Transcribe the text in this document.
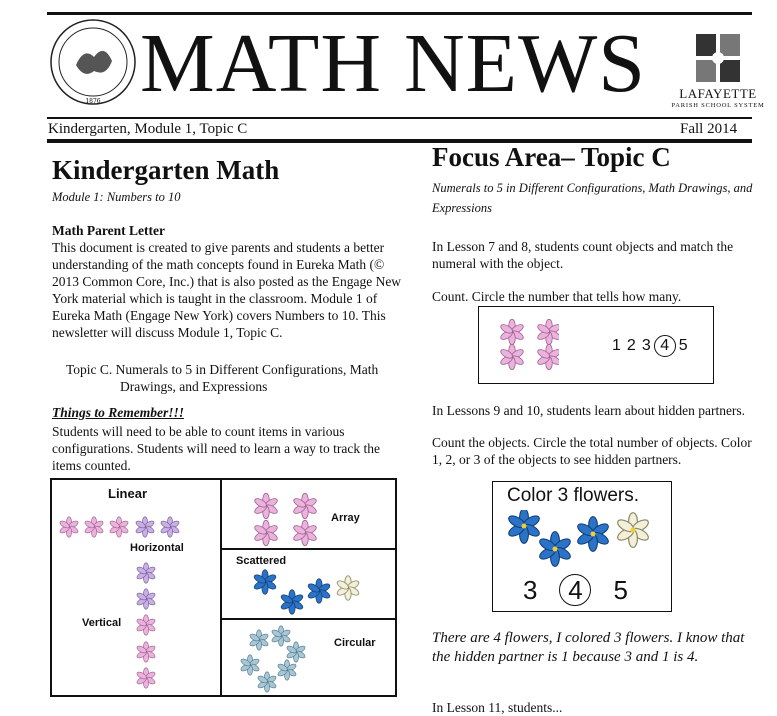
1876 MATH NEWS	LAFAYETTE
PARISH SCHOOL SYSTEM
Kindergarten, Module 1, Topic C	Fall 2014
Kindergarten Math
Module 1: Numbers to 10
Math Parent Letter
This document is created to give parents and students a better understanding of the math concepts found in Eureka Math (© 2013 Common Core, Inc.) that is also posted as the Engage New York material which is taught in the classroom. Module 1 of Eureka Math (Engage New York) covers Numbers to 10. This newsletter will discuss Module 1, Topic C.
Topic C. Numerals to 5 in Different Configurations, Math
Drawings, and Expressions
Things to Remember!!!
Students will need to be able to count items in various configurations. Students will need to learn a way to track the items counted.
Linear
Horizontal
Vertical
Array
Scattered
Circular
Focus Area– Topic C
Numerals to 5 in Different Configurations, Math Drawings, and Expressions
In Lesson 7 and 8, students count objects and match the numeral with the object.
Count. Circle the number that tells how many.
1 2 3 4 5
In Lessons 9 and 10, students learn about hidden partners.
Count the objects. Circle the total number of objects. Color 1, 2, or 3 of the objects to see hidden partners.
Color 3 flowers.
3 4 5
There are 4 flowers, I colored 3 flowers. I know that the hidden partner is 1 because 3 and 1 is 4.
In Lesson 11, students...
